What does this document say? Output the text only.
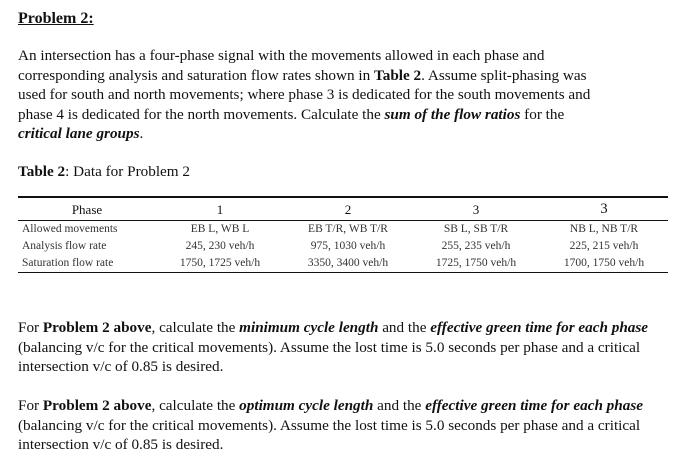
Problem 2:

An intersection has a four-phase signal with the movements allowed in each phase and
corresponding analysis and saturation flow rates shown in Table 2. Assume split-phasing was
used for south and north movements; where phase 3 is dedicated for the south movements and
phase 4 is dedicated for the north movements. Calculate the sum of the flow ratios for the
critical lane groups.

Table 2: Data for Problem 2
Phase	1	2	3	3
Allowed movements	EB L, WB L	EB T/R, WB T/R	SB L, SB T/R	NB L, NB T/R
Analysis flow rate	245, 230 veh/h	975, 1030 veh/h	255, 235 veh/h	225, 215 veh/h
Saturation flow rate	1750, 1725 veh/h	3350, 3400 veh/h	1725, 1750 veh/h	1700, 1750 veh/h

For Problem 2 above, calculate the minimum cycle length and the effective green time for each phase (balancing v/c for the critical movements). Assume the lost time is 5.0 seconds per phase and a critical intersection v/c of 0.85 is desired.

For Problem 2 above, calculate the optimum cycle length and the effective green time for each phase (balancing v/c for the critical movements). Assume the lost time is 5.0 seconds per phase and a critical intersection v/c of 0.85 is desired.
